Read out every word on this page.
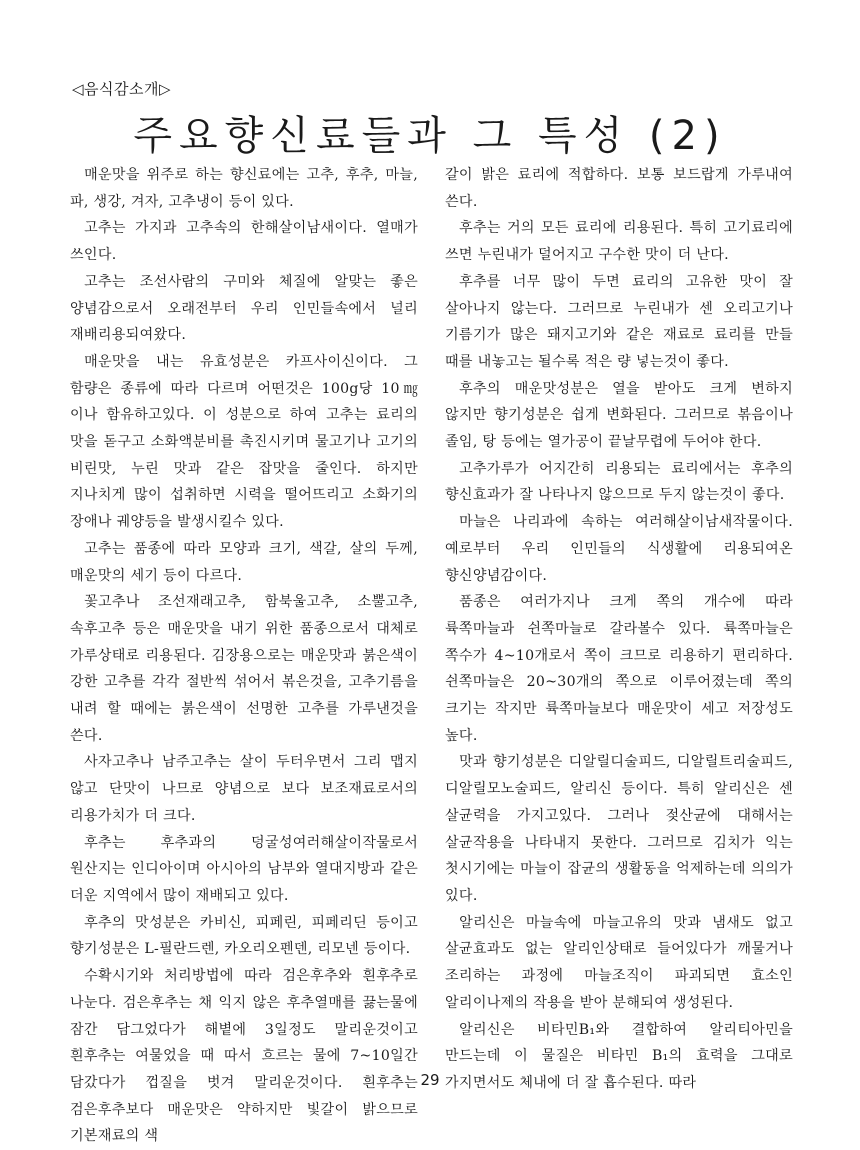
◁음식감소개▷
주요향신료들과 그 특성 (2)

매운맛을 위주로 하는 향신료에는 고추, 후추, 마늘, 파, 생강, 겨자, 고추냉이 등이 있다.

고추는 가지과 고추속의 한해살이남새이다. 열매가 쓰인다.

고추는 조선사람의 구미와 체질에 알맞는 좋은 양념감으로서 오래전부터 우리 인민들속에서 널리 재배리용되여왔다.

매운맛을 내는 유효성분은 카프사이신이다. 그 함량은 종류에 따라 다르며 어떤것은 100g당 10㎎이나 함유하고있다. 이 성분으로 하여 고추는 료리의 맛을 돋구고 소화액분비를 촉진시키며 물고기나 고기의 비린맛, 누린 맛과 같은 잡맛을 줄인다. 하지만 지나치게 많이 섭취하면 시력을 떨어뜨리고 소화기의 장애나 궤양등을 발생시킬수 있다.

고추는 품종에 따라 모양과 크기, 색갈, 살의 두께, 매운맛의 세기 등이 다르다.

꽃고추나 조선재래고추, 함북울고추, 소뿔고추, 속후고추 등은 매운맛을 내기 위한 품종으로서 대체로 가루상태로 리용된다. 김장용으로는 매운맛과 붉은색이 강한 고추를 각각 절반씩 섞어서 볶은것을, 고추기름을 내려 할 때에는 붉은색이 선명한 고추를 가루낸것을 쓴다.

사자고추나 남주고추는 살이 두터우면서 그리 맵지 않고 단맛이 나므로 양념으로 보다 보조재료로서의 리용가치가 더 크다.

후추는 후추과의 덩굴성여러해살이작물로서 원산지는 인디아이며 아시아의 남부와 열대지방과 같은 더운 지역에서 많이 재배되고 있다.

후추의 맛성분은 카비신, 피페린, 피페리딘 등이고 향기성분은 L-필란드렌, 카오리오펜덴, 리모넨 등이다.

수확시기와 처리방법에 따라 검은후추와 흰후추로 나눈다. 검은후추는 채 익지 않은 후추열매를 끓는물에 잠간 담그었다가 해볕에 3일정도 말리운것이고 흰후추는 여물었을 때 따서 흐르는 물에 7~10일간 담갔다가 껍질을 벗겨 말리운것이다. 흰후추는 검은후추보다 매운맛은 약하지만 빛갈이 밝으므로 기본재료의 색

갈이 밝은 료리에 적합하다. 보통 보드랍게 가루내여 쓴다.

후추는 거의 모든 료리에 리용된다. 특히 고기료리에 쓰면 누린내가 덜어지고 구수한 맛이 더 난다.

후추를 너무 많이 두면 료리의 고유한 맛이 잘 살아나지 않는다. 그러므로 누린내가 센 오리고기나 기름기가 많은 돼지고기와 같은 재료로 료리를 만들 때를 내놓고는 될수록 적은 량 넣는것이 좋다.

후추의 매운맛성분은 열을 받아도 크게 변하지 않지만 향기성분은 쉽게 변화된다. 그러므로 볶음이나 졸임, 탕 등에는 열가공이 끝날무렵에 두어야 한다.

고추가루가 어지간히 리용되는 료리에서는 후추의 향신효과가 잘 나타나지 않으므로 두지 않는것이 좋다.

마늘은 나리과에 속하는 여러해살이남새작물이다. 예로부터 우리 인민들의 식생활에 리용되여온 향신양념감이다.

품종은 여러가지나 크게 쪽의 개수에 따라 륙쪽마늘과 쉰쪽마늘로 갈라볼수 있다. 륙쪽마늘은 쪽수가 4~10개로서 쪽이 크므로 리용하기 편리하다. 쉰쪽마늘은 20~30개의 쪽으로 이루어졌는데 쪽의 크기는 작지만 륙쪽마늘보다 매운맛이 세고 저장성도 높다.

맛과 향기성분은 디알릴디술피드, 디알릴트리술피드, 디알릴모노술피드, 알리신 등이다. 특히 알리신은 센 살균력을 가지고있다. 그러나 젖산균에 대해서는 살균작용을 나타내지 못한다. 그러므로 김치가 익는 첫시기에는 마늘이 잡균의 생활동을 억제하는데 의의가 있다.

알리신은 마늘속에 마늘고유의 맛과 냄새도 없고 살균효과도 없는 알리인상태로 들어있다가 깨물거나 조리하는 과정에 마늘조직이 파괴되면 효소인 알리이나제의 작용을 받아 분해되여 생성된다.

알리신은 비타민B₁와 결합하여 알리티아민을 만드는데 이 물질은 비타민 B₁의 효력을 그대로 가지면서도 체내에 더 잘 흡수된다. 따라

29
